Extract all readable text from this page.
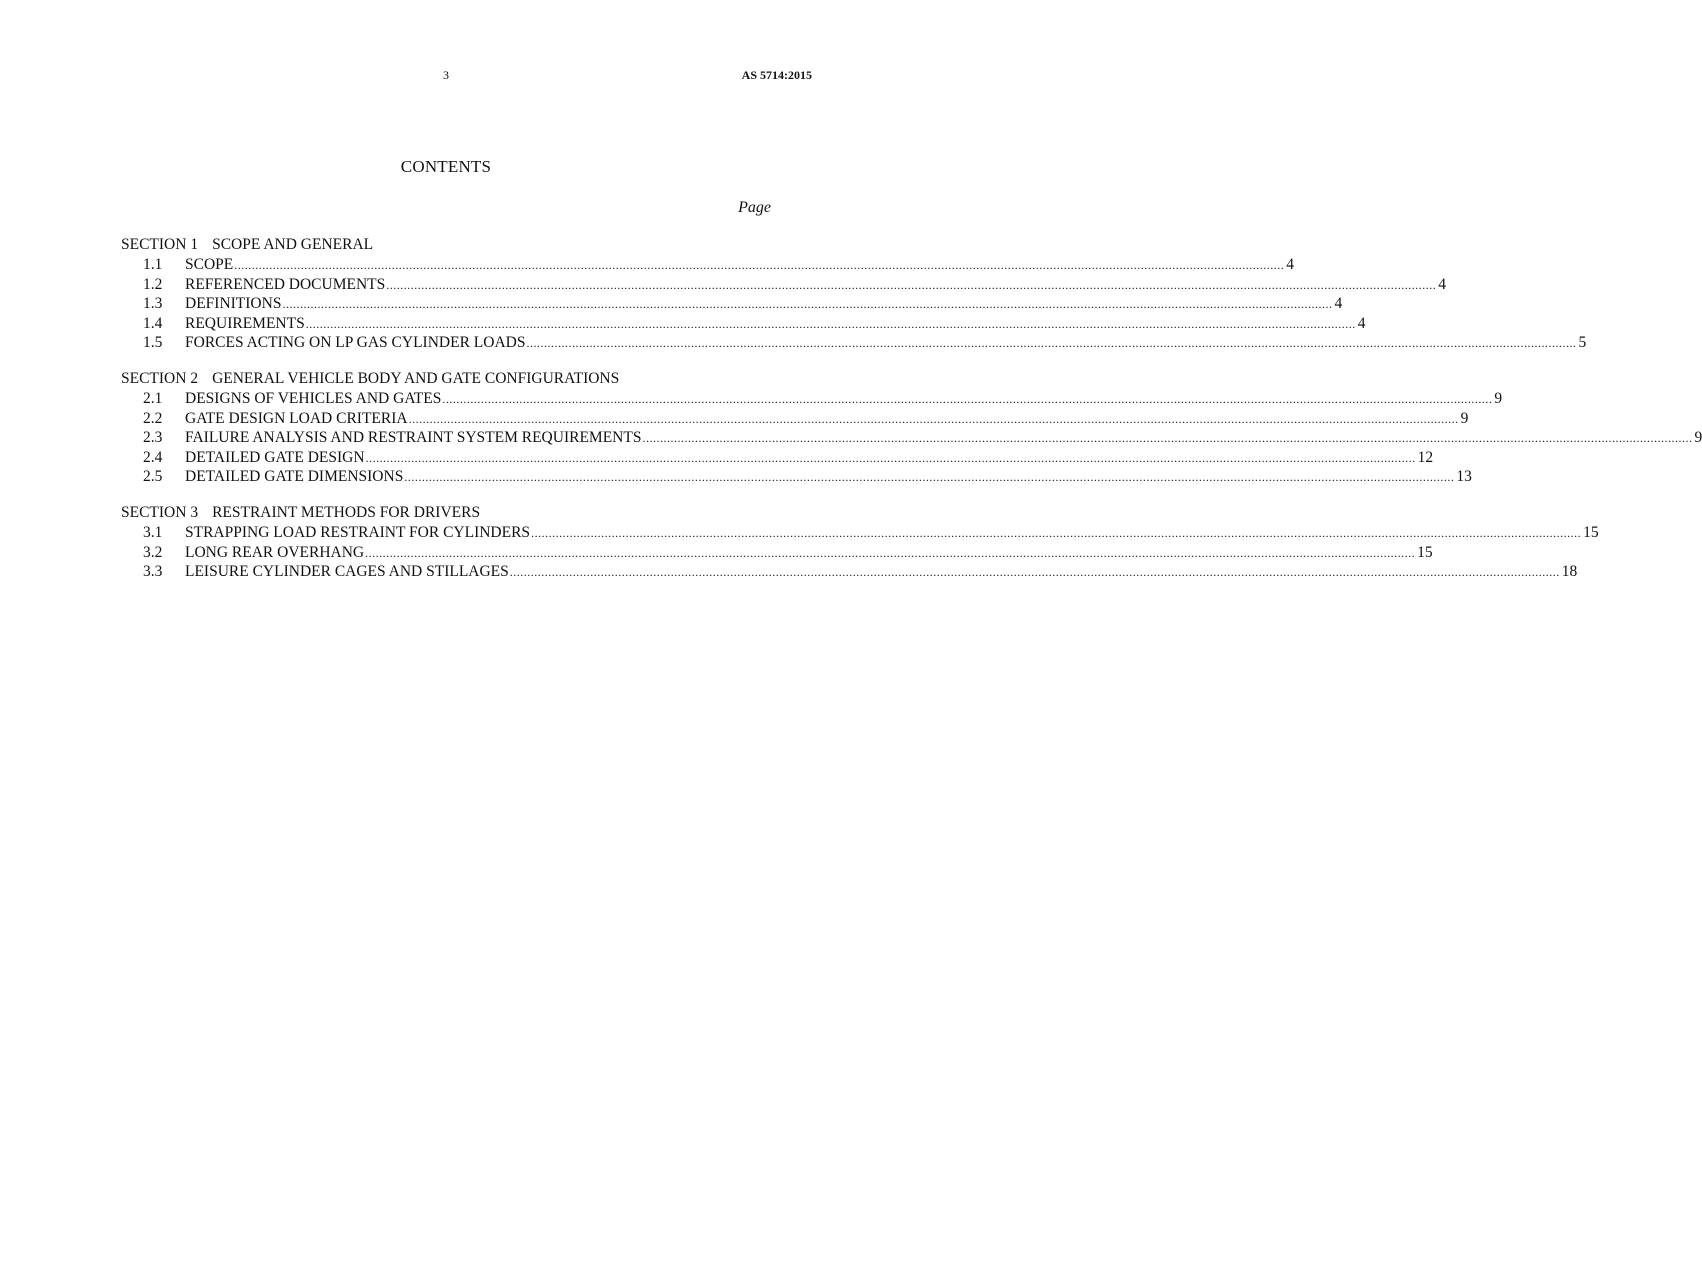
3	AS 5714:2015
CONTENTS
Page
SECTION 1 SCOPE AND GENERAL
1.1	SCOPE ............................................................................................................................................................................................................................................................................................................ 4
1.2	REFERENCED DOCUMENTS ............................................................................................................................................................................................................................................................................................................ 4
1.3	DEFINITIONS ............................................................................................................................................................................................................................................................................................................ 4
1.4	REQUIREMENTS ............................................................................................................................................................................................................................................................................................................ 4
1.5	FORCES ACTING ON LP GAS CYLINDER LOADS ............................................................................................................................................................................................................................................................................................................ 5
SECTION 2 GENERAL VEHICLE BODY AND GATE CONFIGURATIONS
2.1	DESIGNS OF VEHICLES AND GATES ............................................................................................................................................................................................................................................................................................................ 9
2.2	GATE DESIGN LOAD CRITERIA ............................................................................................................................................................................................................................................................................................................ 9
2.3	FAILURE ANALYSIS AND RESTRAINT SYSTEM REQUIREMENTS ............................................................................................................................................................................................................................................................................................................ 9
2.4	DETAILED GATE DESIGN ............................................................................................................................................................................................................................................................................................................ 12
2.5	DETAILED GATE DIMENSIONS ............................................................................................................................................................................................................................................................................................................ 13
SECTION 3 RESTRAINT METHODS FOR DRIVERS
3.1	STRAPPING LOAD RESTRAINT FOR CYLINDERS ............................................................................................................................................................................................................................................................................................................ 15
3.2	LONG REAR OVERHANG ............................................................................................................................................................................................................................................................................................................ 15
3.3	LEISURE CYLINDER CAGES AND STILLAGES ............................................................................................................................................................................................................................................................................................................ 18
